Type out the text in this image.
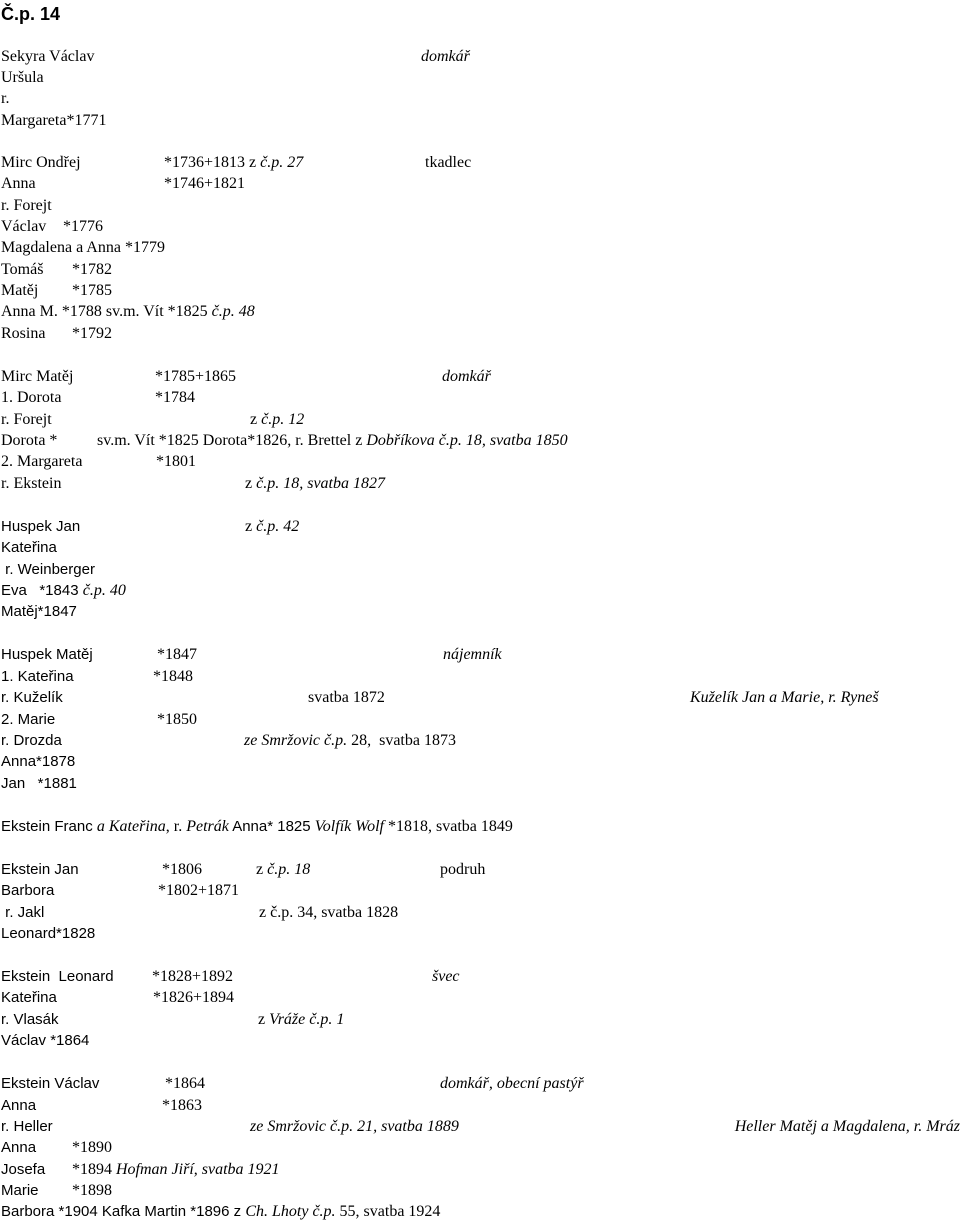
Č.p. 14
Sekyra Václav	domkář
Uršula
r.
Margareta*1771
Mirc Ondřej	*1736+1813 z č.p. 27	tkadlec
Anna	*1746+1821
r. Forejt
Václav *1776
Magdalena a Anna *1779
Tomáš *1782
Matěj *1785
Anna M. *1788 sv.m. Vít *1825 č.p. 48
Rosina *1792
Mirc Matěj	*1785+1865	domkář
1. Dorota	*1784
r. Forejt	z č.p. 12
Dorota * sv.m. Vít *1825 Dorota*1826, r. Brettel z Dobříkova č.p. 18, svatba 1850
2. Margareta	*1801
r. Ekstein	z č.p. 18, svatba 1827
Huspek Jan	z č.p. 42
Kateřina
r. Weinberger
Eva   *1843 č.p. 40
Matěj*1847
Huspek Matěj	*1847	nájemník
1. Kateřina	*1848
r. Kuželík	svatba 1872	Kuželík Jan a Marie, r. Ryneš
2. Marie	*1850
r. Drozda	ze Smržovic č.p. 28,  svatba 1873
Anna*1878
Jan   *1881
Ekstein Franc a Kateřina, r. Petrák Anna* 1825 Volfík Wolf *1818, svatba 1849
Ekstein Jan	*1806	z č.p. 18	podruh
Barbora	*1802+1871
r. Jakl	z č.p. 34, svatba 1828
Leonard*1828
Ekstein  Leonard *1828+1892	švec
Kateřina	*1826+1894
r. Vlasák	z Vráže č.p. 1
Václav *1864
Ekstein Václav	*1864	domkář, obecní pastýř
Anna	*1863
r. Heller	ze Smržovic č.p. 21, svatba 1889	Heller Matěj a Magdalena, r. Mráz
Anna *1890
Josefa *1894 Hofman Jiří, svatba 1921
Marie *1898
Barbora *1904 Kafka Martin *1896 z Ch. Lhoty č.p. 55, svatba 1924
